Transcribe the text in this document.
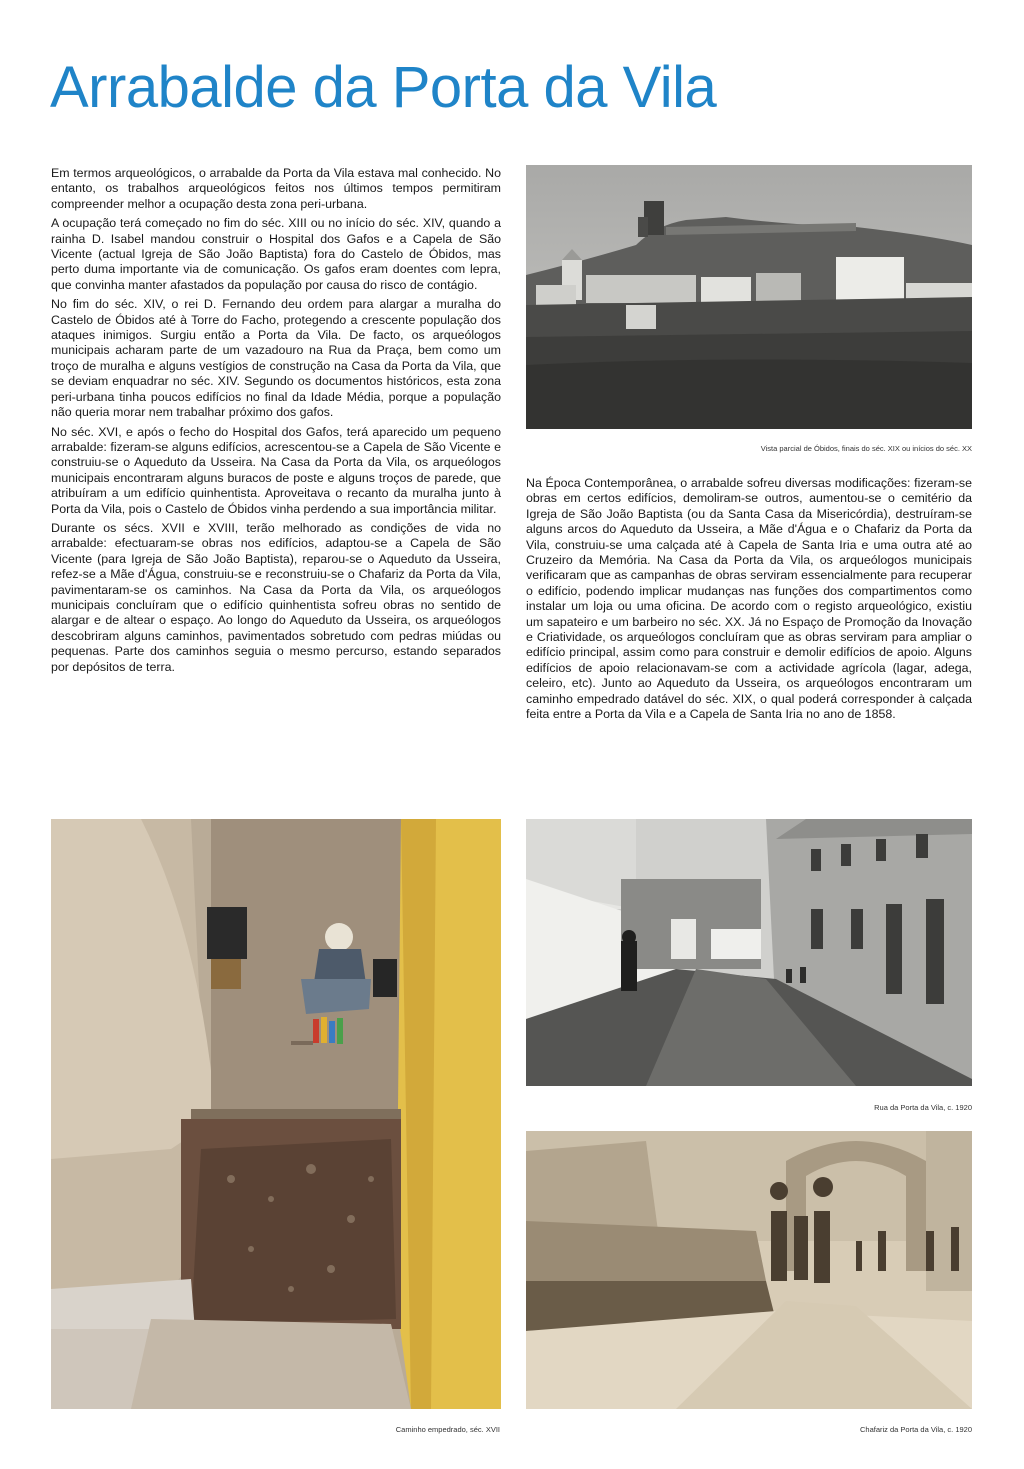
Arrabalde da Porta da Vila

Em termos arqueológicos, o arrabalde da Porta da Vila estava mal conhecido. No entanto, os trabalhos arqueológicos feitos nos últimos tempos permitiram compreender melhor a ocupação desta zona peri-urbana.

A ocupação terá começado no fim do séc. XIII ou no início do séc. XIV, quando a rainha D. Isabel mandou construir o Hospital dos Gafos e a Capela de São Vicente (actual Igreja de São João Baptista) fora do Castelo de Óbidos, mas perto duma importante via de comunicação. Os gafos eram doentes com lepra, que convinha manter afastados da população por causa do risco de contágio.

No fim do séc. XIV, o rei D. Fernando deu ordem para alargar a muralha do Castelo de Óbidos até à Torre do Facho, protegendo a crescente população dos ataques inimigos. Surgiu então a Porta da Vila. De facto, os arqueólogos municipais acharam parte de um vazadouro na Rua da Praça, bem como um troço de muralha e alguns vestígios de construção na Casa da Porta da Vila, que se deviam enquadrar no séc. XIV. Segundo os documentos históricos, esta zona peri-urbana tinha poucos edifícios no final da Idade Média, porque a população não queria morar nem trabalhar próximo dos gafos.

No séc. XVI, e após o fecho do Hospital dos Gafos, terá aparecido um pequeno arrabalde: fizeram-se alguns edifícios, acrescentou-se a Capela de São Vicente e construiu-se o Aqueduto da Usseira. Na Casa da Porta da Vila, os arqueólogos municipais encontraram alguns buracos de poste e alguns troços de parede, que atribuíram a um edifício quinhentista. Aproveitava o recanto da muralha junto à Porta da Vila, pois o Castelo de Óbidos vinha perdendo a sua importância militar.

Durante os sécs. XVII e XVIII, terão melhorado as condições de vida no arrabalde: efectuaram-se obras nos edifícios, adaptou-se a Capela de São Vicente (para Igreja de São João Baptista), reparou-se o Aqueduto da Usseira, refez-se a Mãe d'Água, construiu-se e reconstruiu-se o Chafariz da Porta da Vila, pavimentaram-se os caminhos. Na Casa da Porta da Vila, os arqueólogos municipais concluíram que o edifício quinhentista sofreu obras no sentido de alargar e de altear o espaço. Ao longo do Aqueduto da Usseira, os arqueólogos descobriram alguns caminhos, pavimentados sobretudo com pedras miúdas ou pequenas. Parte dos caminhos seguia o mesmo percurso, estando separados por depósitos de terra.

Na Época Contemporânea, o arrabalde sofreu diversas modificações: fizeram-se obras em certos edifícios, demoliram-se outros, aumentou-se o cemitério da Igreja de São João Baptista (ou da Santa Casa da Misericórdia), destruíram-se alguns arcos do Aqueduto da Usseira, a Mãe d'Água e o Chafariz da Porta da Vila, construiu-se uma calçada até à Capela de Santa Iria e uma outra até ao Cruzeiro da Memória. Na Casa da Porta da Vila, os arqueólogos municipais verificaram que as campanhas de obras serviram essencialmente para recuperar o edifício, podendo implicar mudanças nas funções dos compartimentos como instalar um loja ou uma oficina. De acordo com o registo arqueológico, existiu um sapateiro e um barbeiro no séc. XX. Já no Espaço de Promoção da Inovação e Criatividade, os arqueólogos concluíram que as obras serviram para ampliar o edifício principal, assim como para construir e demolir edifícios de apoio. Alguns edifícios de apoio relacionavam-se com a actividade agrícola (lagar, adega, celeiro, etc). Junto ao Aqueduto da Usseira, os arqueólogos encontraram um caminho empedrado datável do séc. XIX, o qual poderá corresponder à calçada feita entre a Porta da Vila e a Capela de Santa Iria no ano de 1858.

Vista parcial de Óbidos, finais do séc. XIX ou inícios do séc. XX
Caminho empedrado, séc. XVII
Rua da Porta da Vila, c. 1920
Chafariz da Porta da Vila, c. 1920
